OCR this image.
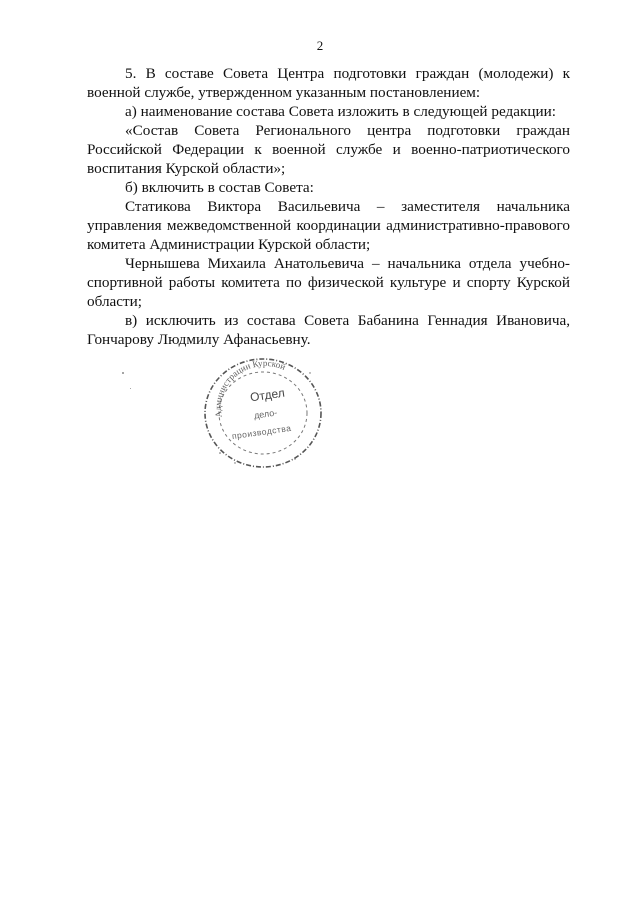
2

5. В составе Совета Центра подготовки граждан (молодежи) к военной службе, утвержденном указанным постановлением:

а) наименование состава Совета изложить в следующей редакции:

«Состав Совета Регионального центра подготовки граждан Российской Федерации к военной службе и военно-патриотического воспитания Курской области»;

б) включить в состав Совета:

Статикова Виктора Васильевича – заместителя начальника управления межведомственной координации административно-правового комитета Администрации Курской области;

Чернышева Михаила Анатольевича – начальника отдела учебно-спортивной работы комитета по физической культуре и спорту Курской области;

в) исключить из состава Совета Бабанина Геннадия Ивановича, Гончарову Людмилу Афанасьевну.

Администрации Курской
Отдел
дело-
производства
